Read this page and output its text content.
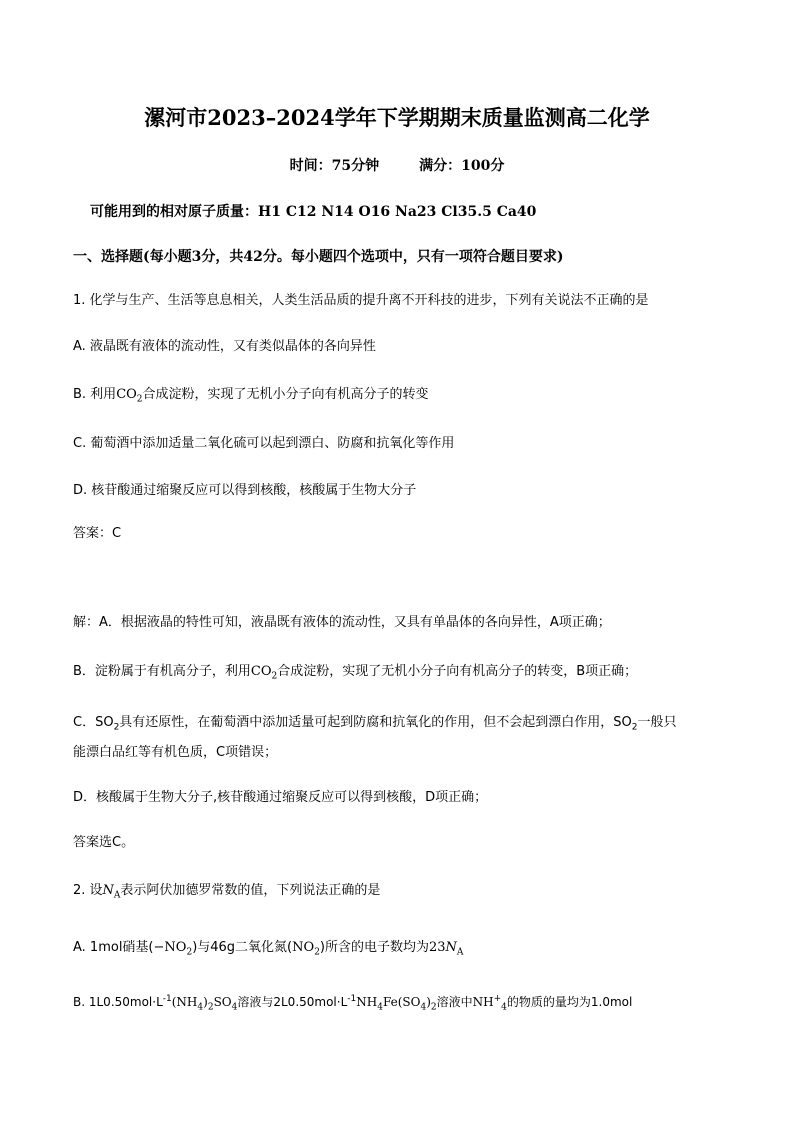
漯河市2023–2024学年下学期期末质量监测高二化学
时间：75分钟	满分：100分
可能用到的相对原子质量：H1 C12 N14 O16 Na23 Cl35.5 Ca40
一、选择题(每小题3分，共42分。每小题四个选项中，只有一项符合题目要求)
1. 化学与生产、生活等息息相关，人类生活品质的提升离不开科技的进步，下列有关说法不正确的是
A. 液晶既有液体的流动性，又有类似晶体的各向异性
B. 利用$CO_2$合成淀粉，实现了无机小分子向有机高分子的转变
C. 葡萄酒中添加适量二氧化硫可以起到漂白、防腐和抗氧化等作用
D. 核苷酸通过缩聚反应可以得到核酸，核酸属于生物大分子
答案：C
解：A．根据液晶的特性可知，液晶既有液体的流动性，又具有单晶体的各向异性，A项正确；
B．淀粉属于有机高分子，利用$CO_2$合成淀粉，实现了无机小分子向有机高分子的转变，B项正确；
C．$SO_2$具有还原性，在葡萄酒中添加适量可起到防腐和抗氧化的作用，但不会起到漂白作用，$SO_2$一般只
能漂白品红等有机色质，C项错误；
D．核酸属于生物大分子,核苷酸通过缩聚反应可以得到核酸，D项正确；
答案选C。
2. 设$N_A$表示阿伏加德罗常数的值，下列说法正确的是
A. 1mol硝基$(-NO_2)$与46g二氧化氮$(NO_2)$所含的电子数均为$23N_A$
B. $1L0.50mol\cdot L^{-1}(NH_4)_2SO_4$溶液与$2L0.50mol\cdot L^{-1}NH_4Fe(SO_4)_2$溶液中$NH^+_4$的物质的量均为1.0mol
